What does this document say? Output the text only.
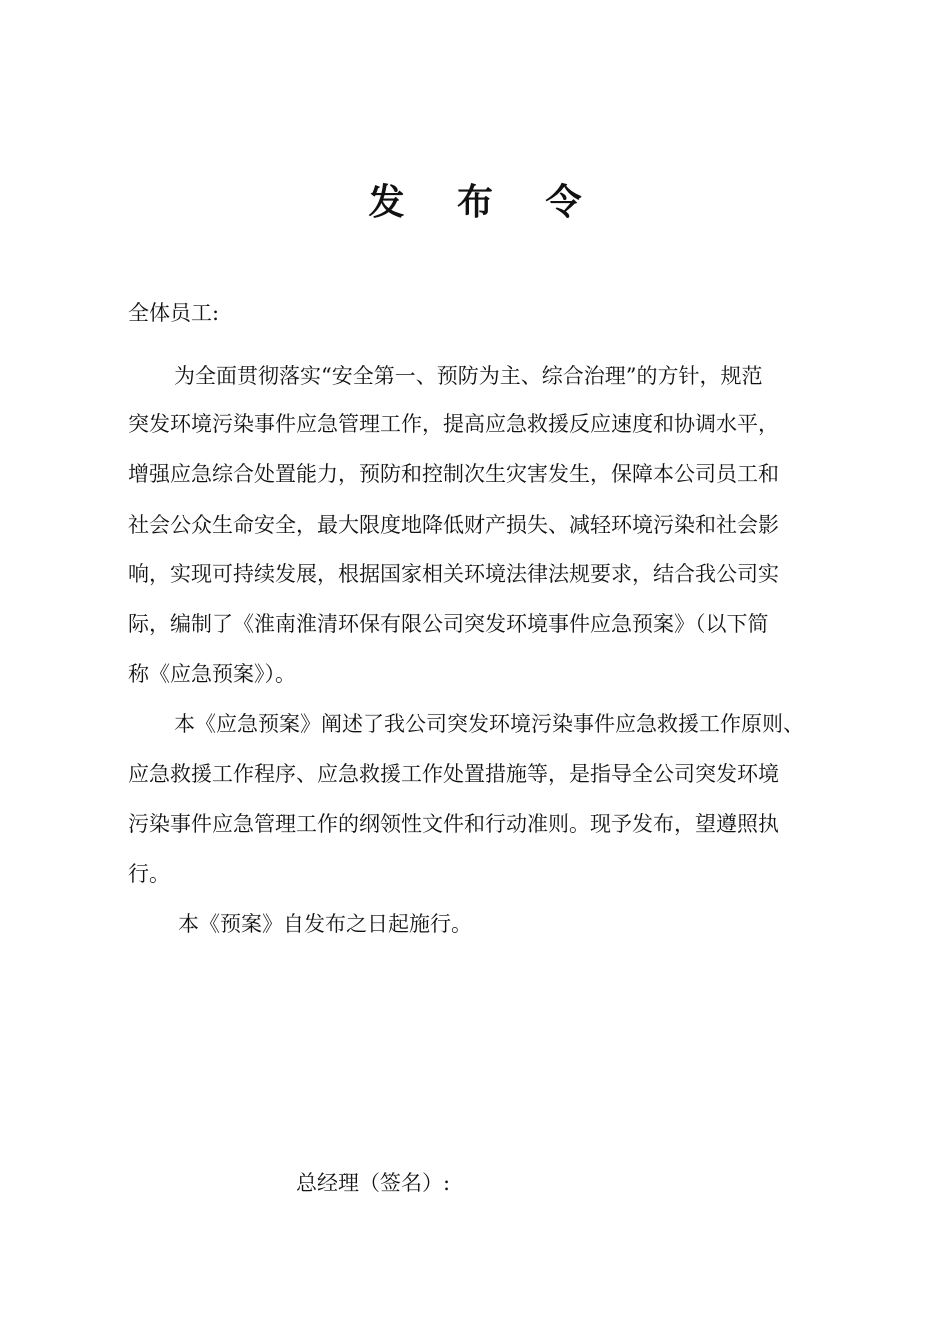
发 布 令
全体员工:
为全面贯彻落实“安全第一、预防为主、综合治理”的方针，规范
突发环境污染事件应急管理工作，提高应急救援反应速度和协调水平，
增强应急综合处置能力，预防和控制次生灾害发生，保障本公司员工和
社会公众生命安全，最大限度地降低财产损失、减轻环境污染和社会影
响，实现可持续发展，根据国家相关环境法律法规要求，结合我公司实
际，编制了《淮南淮清环保有限公司突发环境事件应急预案》（以下简
称《应急预案》）。
本《应急预案》阐述了我公司突发环境污染事件应急救援工作原则、
应急救援工作程序、应急救援工作处置措施等，是指导全公司突发环境
污染事件应急管理工作的纲领性文件和行动准则。现予发布，望遵照执
行。
本《预案》自发布之日起施行。
总经理（签名）:
